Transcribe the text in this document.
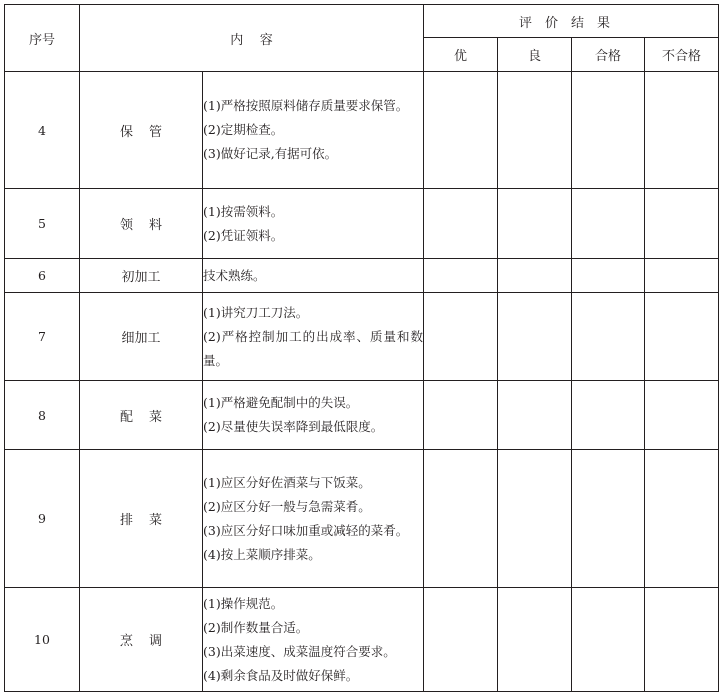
序号	内    容		评价结果			
			优	良	合格	不合格
4	保管	(1)严格按照原料储存质量要求保管。
(2)定期检查。
(3)做好记录,有据可依。				

5	领料	(1)按需领料。
(2)凭证领料。				

6	初加工	技术熟练。				

7	细加工	(1)讲究刀工刀法。
(2)严格控制加工的出成率、质量和数量。				

8	配菜	(1)严格避免配制中的失误。
(2)尽量使失误率降到最低限度。				

9	排菜	(1)应区分好佐酒菜与下饭菜。
(2)应区分好一般与急需菜肴。
(3)应区分好口味加重或减轻的菜肴。
(4)按上菜顺序排菜。				

10	烹调	(1)操作规范。
(2)制作数量合适。
(3)出菜速度、成菜温度符合要求。
(4)剩余食品及时做好保鲜。				
